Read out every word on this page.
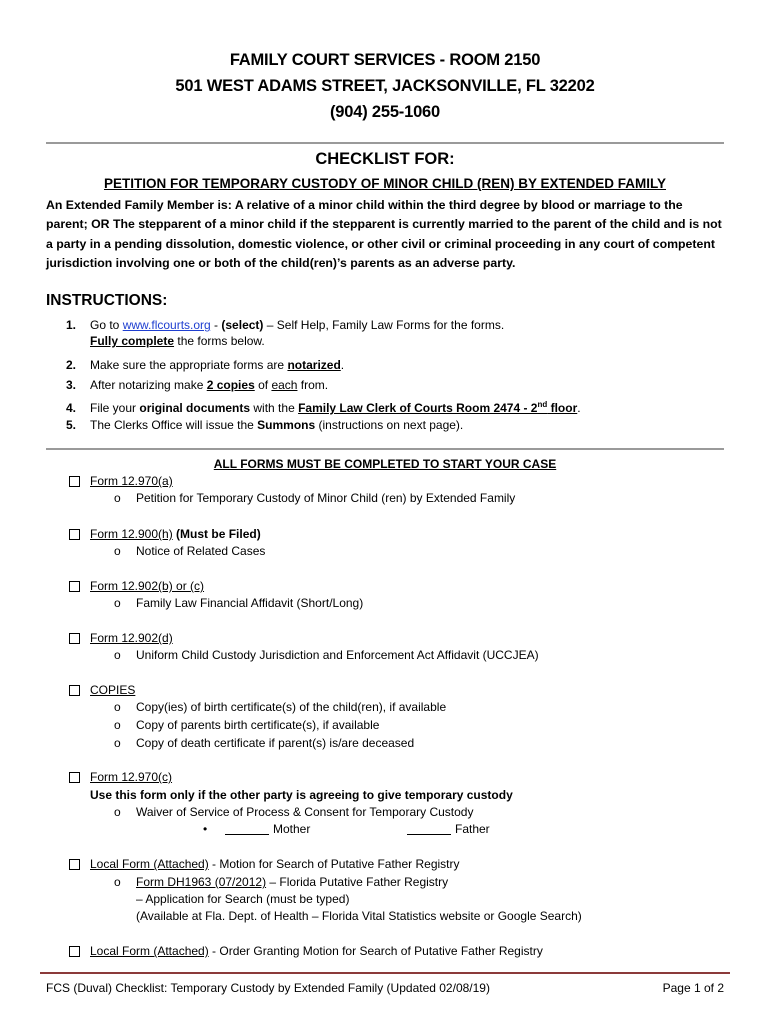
FAMILY COURT SERVICES - ROOM 2150
501 WEST ADAMS STREET, JACKSONVILLE, FL 32202
(904) 255-1060
CHECKLIST FOR:
PETITION FOR TEMPORARY CUSTODY OF MINOR CHILD (REN) BY EXTENDED FAMILY
An Extended Family Member is: A relative of a minor child within the third degree by blood or marriage to the parent; OR The stepparent of a minor child if the stepparent is currently married to the parent of the child and is not a party in a pending dissolution, domestic violence, or other civil or criminal proceeding in any court of competent jurisdiction involving one or both of the child(ren)’s parents as an adverse party.
INSTRUCTIONS:
1. Go to www.flcourts.org - (select) – Self Help, Family Law Forms for the forms.
Fully complete the forms below.
2. Make sure the appropriate forms are notarized.
3. After notarizing make 2 copies of each from.
4. File your original documents with the Family Law Clerk of Courts Room 2474 - 2nd floor.
5. The Clerks Office will issue the Summons (instructions on next page).
ALL FORMS MUST BE COMPLETED TO START YOUR CASE
Form 12.970(a)
o Petition for Temporary Custody of Minor Child (ren) by Extended Family
Form 12.900(h) (Must be Filed)
o Notice of Related Cases
Form 12.902(b) or (c)
o Family Law Financial Affidavit (Short/Long)
Form 12.902(d)
o Uniform Child Custody Jurisdiction and Enforcement Act Affidavit (UCCJEA)
COPIES
o Copy(ies) of birth certificate(s) of the child(ren), if available
o Copy of parents birth certificate(s), if available
o Copy of death certificate if parent(s) is/are deceased
Form 12.970(c)
Use this form only if the other party is agreeing to give temporary custody
o Waiver of Service of Process & Consent for Temporary Custody
•	Mother	Father
Local Form (Attached) - Motion for Search of Putative Father Registry
o Form DH1963 (07/2012) – Florida Putative Father Registry
– Application for Search (must be typed)
(Available at Fla. Dept. of Health – Florida Vital Statistics website or Google Search)
Local Form (Attached) - Order Granting Motion for Search of Putative Father Registry
FCS (Duval) Checklist: Temporary Custody by Extended Family (Updated 02/08/19)	Page 1 of 2
